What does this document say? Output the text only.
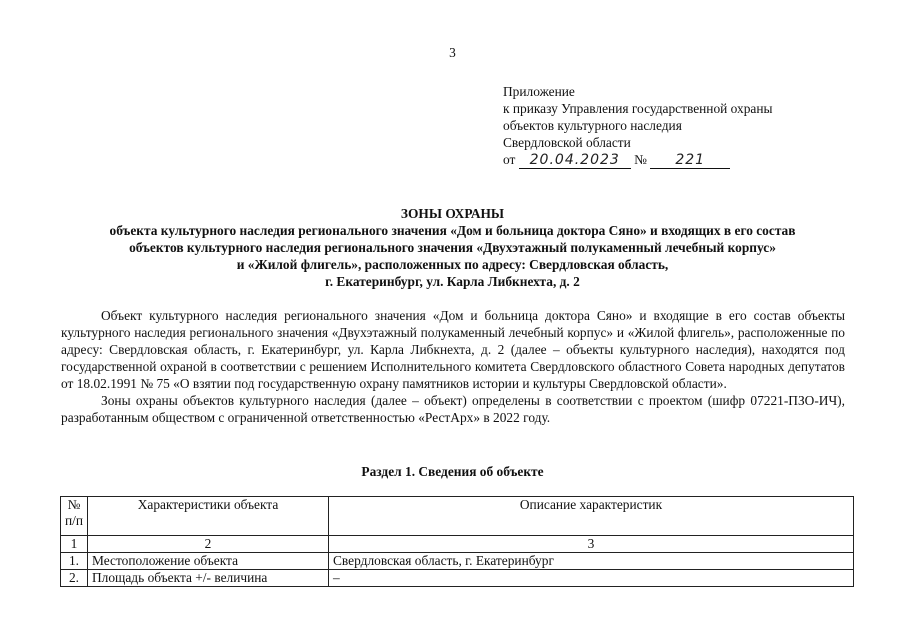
3
Приложение
к приказу Управления государственной охраны
объектов культурного наследия
Свердловской области
от 20.04.2023 № 221
ЗОНЫ ОХРАНЫ
объекта культурного наследия регионального значения «Дом и больница доктора Сяно» и входящих в его состав
объектов культурного наследия регионального значения «Двухэтажный полукаменный лечебный корпус»
и «Жилой флигель», расположенных по адресу: Свердловская область,
г. Екатеринбург, ул. Карла Либкнехта, д. 2

Объект культурного наследия регионального значения «Дом и больница доктора Сяно» и входящие в его состав объекты культурного наследия регионального значения «Двухэтажный полукаменный лечебный корпус» и «Жилой флигель», расположенные по адресу: Свердловская область, г. Екатеринбург, ул. Карла Либкнехта, д. 2 (далее – объекты культурного наследия), находятся под государственной охраной в соответствии с решением Исполнительного комитета Свердловского областного Совета народных депутатов от 18.02.1991 № 75 «О взятии под государственную охрану памятников истории и культуры Свердловской области».

Зоны охраны объектов культурного наследия (далее – объект) определены в соответствии с проектом (шифр 07221-ПЗО-ИЧ), разработанным обществом с ограниченной ответственностью «РестАрх» в 2022 году.

Раздел 1. Сведения об объекте
№ п/п	Характеристики объекта	Описание характеристик
1	2	3
1.	Местоположение объекта	Свердловская область, г. Екатеринбург
2.	Площадь объекта +/- величина	–
